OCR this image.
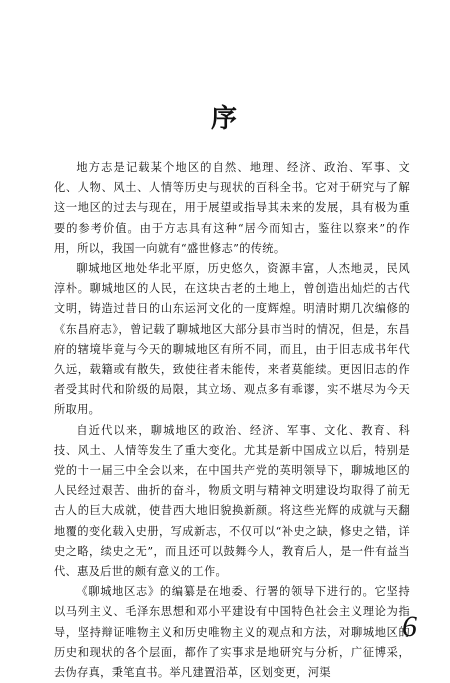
序

地方志是记载某个地区的自然、地理、经济、政治、军事、文化、人物、风土、人情等历史与现状的百科全书。它对于研究与了解这一地区的过去与现在，用于展望或指导其未来的发展，具有极为重要的参考价值。由于方志具有这种“居今而知古，鉴往以察来”的作用，所以，我国一向就有“盛世修志”的传统。

聊城地区地处华北平原，历史悠久，资源丰富，人杰地灵，民风淳朴。聊城地区的人民，在这块古老的土地上，曾创造出灿烂的古代文明，铸造过昔日的山东运河文化的一度辉煌。明清时期几次编修的《东昌府志》，曾记载了聊城地区大部分县市当时的情况，但是，东昌府的辖境毕竟与今天的聊城地区有所不同，而且，由于旧志成书年代久远，载籍或有散失，致使往者未能传，来者莫能续。更因旧志的作者受其时代和阶级的局限，其立场、观点多有乖谬，实不堪尽为今天所取用。

自近代以来，聊城地区的政治、经济、军事、文化、教育、科技、风土、人情等发生了重大变化。尤其是新中国成立以后，特别是党的十一届三中全会以来，在中国共产党的英明领导下，聊城地区的人民经过艰苦、曲折的奋斗，物质文明与精神文明建设均取得了前无古人的巨大成就，使昔西大地旧貌换新颜。将这些光辉的成就与天翻地覆的变化载入史册，写成新志，不仅可以“补史之缺，修史之错，详史之略，续史之无”，而且还可以鼓舞今人，教育后人，是一件有益当代、惠及后世的颇有意义的工作。

《聊城地区志》的编纂是在地委、行署的领导下进行的。它坚持以马列主义、毛泽东思想和邓小平建设有中国特色社会主义理论为指导，坚持辩证唯物主义和历史唯物主义的观点和方法，对聊城地区的历史和现状的各个层面，都作了实事求是地研究与分析，广征博采，去伪存真，秉笔直书。举凡建置沿革，区划变更，河渠

6
